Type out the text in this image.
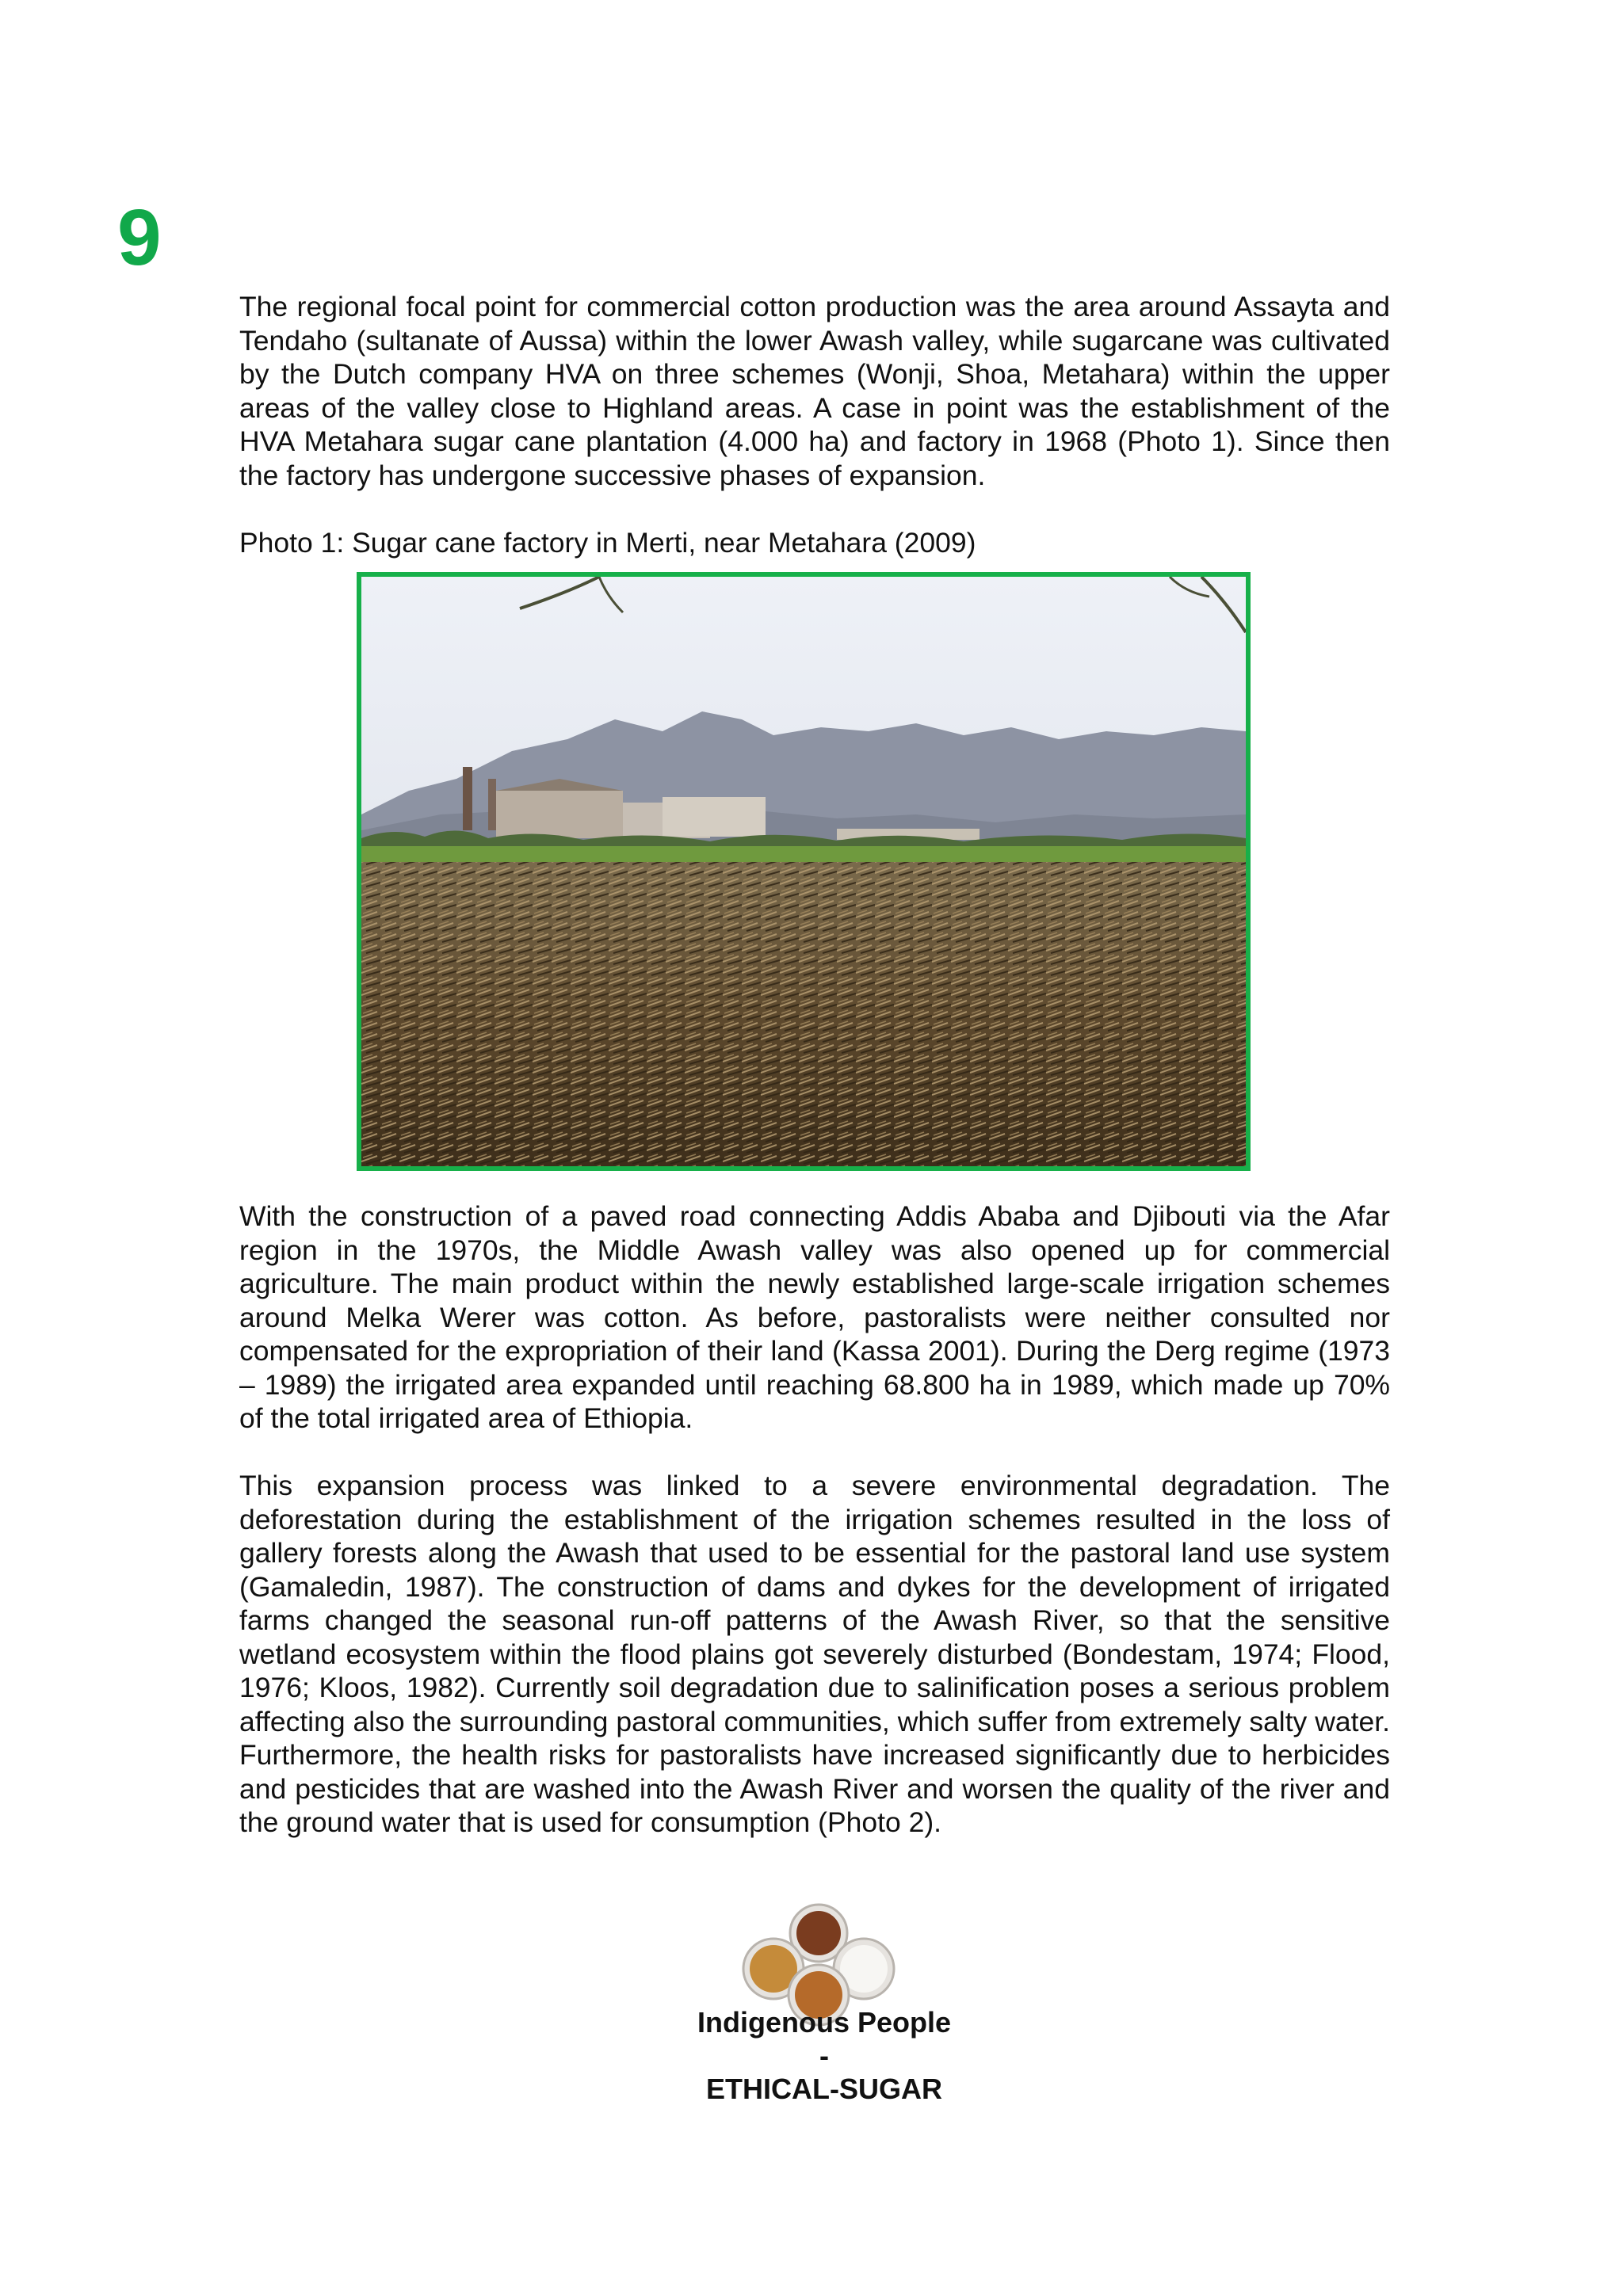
9

The regional focal point for commercial cotton production was the area around Assayta and Tendaho (sultanate of Aussa) within the lower Awash valley, while sugarcane was cultivated by the Dutch company HVA on three schemes (Wonji, Shoa, Metahara) within the upper areas of the valley close to Highland areas. A case in point was the establishment of the HVA Metahara sugar cane plantation (4.000 ha) and factory in 1968 (Photo 1). Since then the factory has undergone successive phases of expansion.

Photo 1: Sugar cane factory in Merti, near Metahara (2009)

With the construction of a paved road connecting Addis Ababa and Djibouti via the Afar region in the 1970s, the Middle Awash valley was also opened up for commercial agriculture. The main product within the newly established large-scale irrigation schemes around Melka Werer was cotton. As before, pastoralists were neither consulted nor compensated for the expropriation of their land (Kassa 2001). During the Derg regime (1973 – 1989) the irrigated area expanded until reaching 68.800 ha in 1989, which made up 70% of the total irrigated area of Ethiopia.

This expansion process was linked to a severe environmental degradation. The deforestation during the establishment of the irrigation schemes resulted in the loss of gallery forests along the Awash that used to be essential for the pastoral land use system (Gamaledin, 1987). The construction of dams and dykes for the development of irrigated farms changed the seasonal run-off patterns of the Awash River, so that the sensitive wetland ecosystem within the flood plains got severely disturbed (Bondestam, 1974; Flood, 1976; Kloos, 1982). Currently soil degradation due to salinification poses a serious problem affecting also the surrounding pastoral communities, which suffer from extremely salty water. Furthermore, the health risks for pastoralists have increased significantly due to herbicides and pesticides that are washed into the Awash River and worsen the quality of the river and the ground water that is used for consumption (Photo 2).

Indigenous People
-
ETHICAL-SUGAR
